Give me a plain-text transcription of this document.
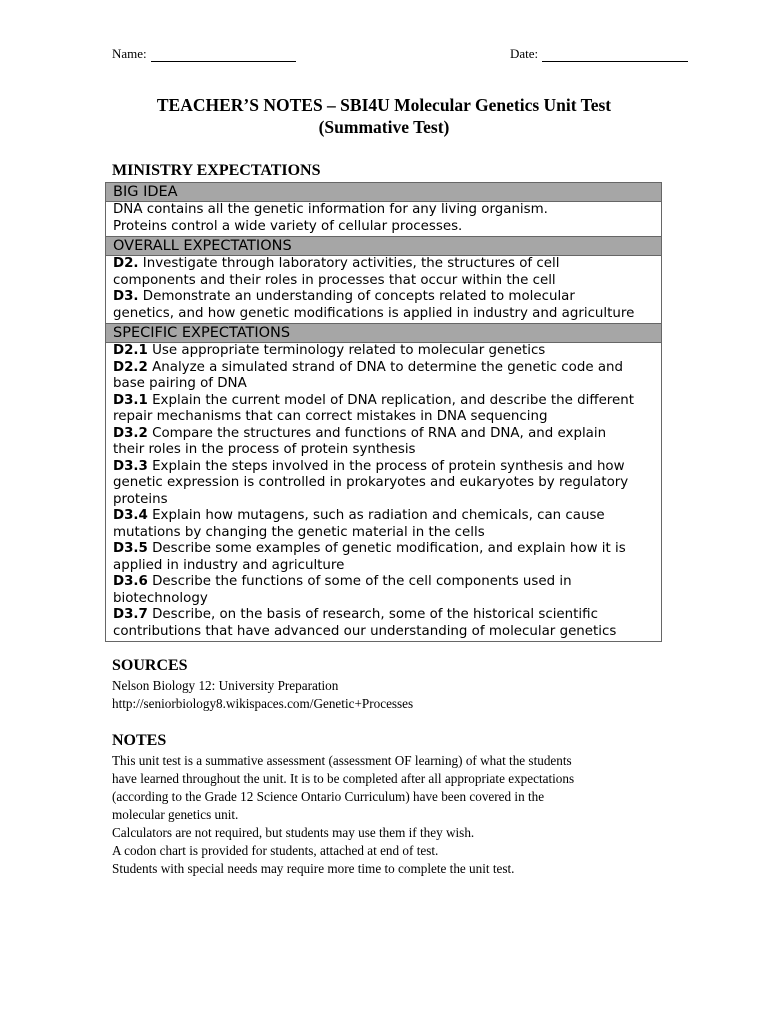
Name:	Date:
TEACHER’S NOTES – SBI4U Molecular Genetics Unit Test
(Summative Test)
MINISTRY EXPECTATIONS
BIG IDEA
DNA contains all the genetic information for any living organism.
Proteins control a wide variety of cellular processes.
OVERALL EXPECTATIONS
D2. Investigate through laboratory activities, the structures of cell
components and their roles in processes that occur within the cell
D3. Demonstrate an understanding of concepts related to molecular
genetics, and how genetic modifications is applied in industry and agriculture
SPECIFIC EXPECTATIONS
D2.1 Use appropriate terminology related to molecular genetics
D2.2 Analyze a simulated strand of DNA to determine the genetic code and
base pairing of DNA
D3.1 Explain the current model of DNA replication, and describe the different
repair mechanisms that can correct mistakes in DNA sequencing
D3.2 Compare the structures and functions of RNA and DNA, and explain
their roles in the process of protein synthesis
D3.3 Explain the steps involved in the process of protein synthesis and how
genetic expression is controlled in prokaryotes and eukaryotes by regulatory
proteins
D3.4 Explain how mutagens, such as radiation and chemicals, can cause
mutations by changing the genetic material in the cells
D3.5 Describe some examples of genetic modification, and explain how it is
applied in industry and agriculture
D3.6 Describe the functions of some of the cell components used in
biotechnology
D3.7 Describe, on the basis of research, some of the historical scientific
contributions that have advanced our understanding of molecular genetics
SOURCES
Nelson Biology 12: University Preparation
http://seniorbiology8.wikispaces.com/Genetic+Processes
NOTES
This unit test is a summative assessment (assessment OF learning) of what the students
have learned throughout the unit. It is to be completed after all appropriate expectations
(according to the Grade 12 Science Ontario Curriculum) have been covered in the
molecular genetics unit.
Calculators are not required, but students may use them if they wish.
A codon chart is provided for students, attached at end of test.
Students with special needs may require more time to complete the unit test.
